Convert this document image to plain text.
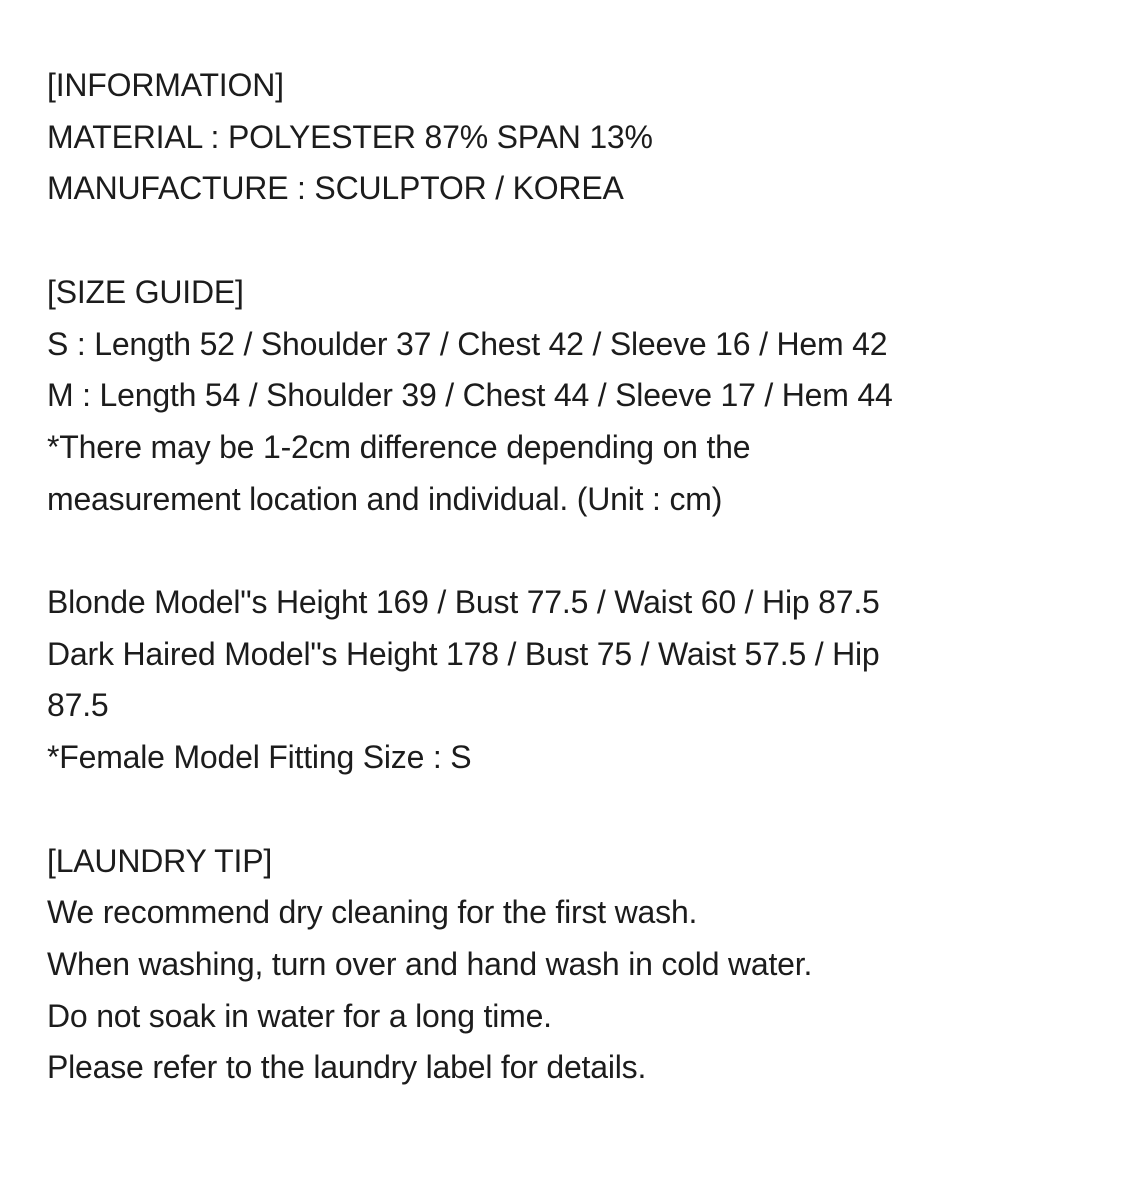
[INFORMATION]
MATERIAL : POLYESTER 87% SPAN 13%
MANUFACTURE : SCULPTOR / KOREA
[SIZE GUIDE]
S : Length 52 / Shoulder 37 / Chest 42 / Sleeve 16 / Hem 42
M : Length 54 / Shoulder 39 / Chest 44 / Sleeve 17 / Hem 44
*There may be 1-2cm difference depending on the
measurement location and individual. (Unit : cm)
Blonde Model"s Height 169 / Bust 77.5 / Waist 60 / Hip 87.5
Dark Haired Model"s Height 178 / Bust 75 / Waist 57.5 / Hip
87.5
*Female Model Fitting Size : S
[LAUNDRY TIP]
We recommend dry cleaning for the first wash.
When washing, turn over and hand wash in cold water.
Do not soak in water for a long time.
Please refer to the laundry label for details.
